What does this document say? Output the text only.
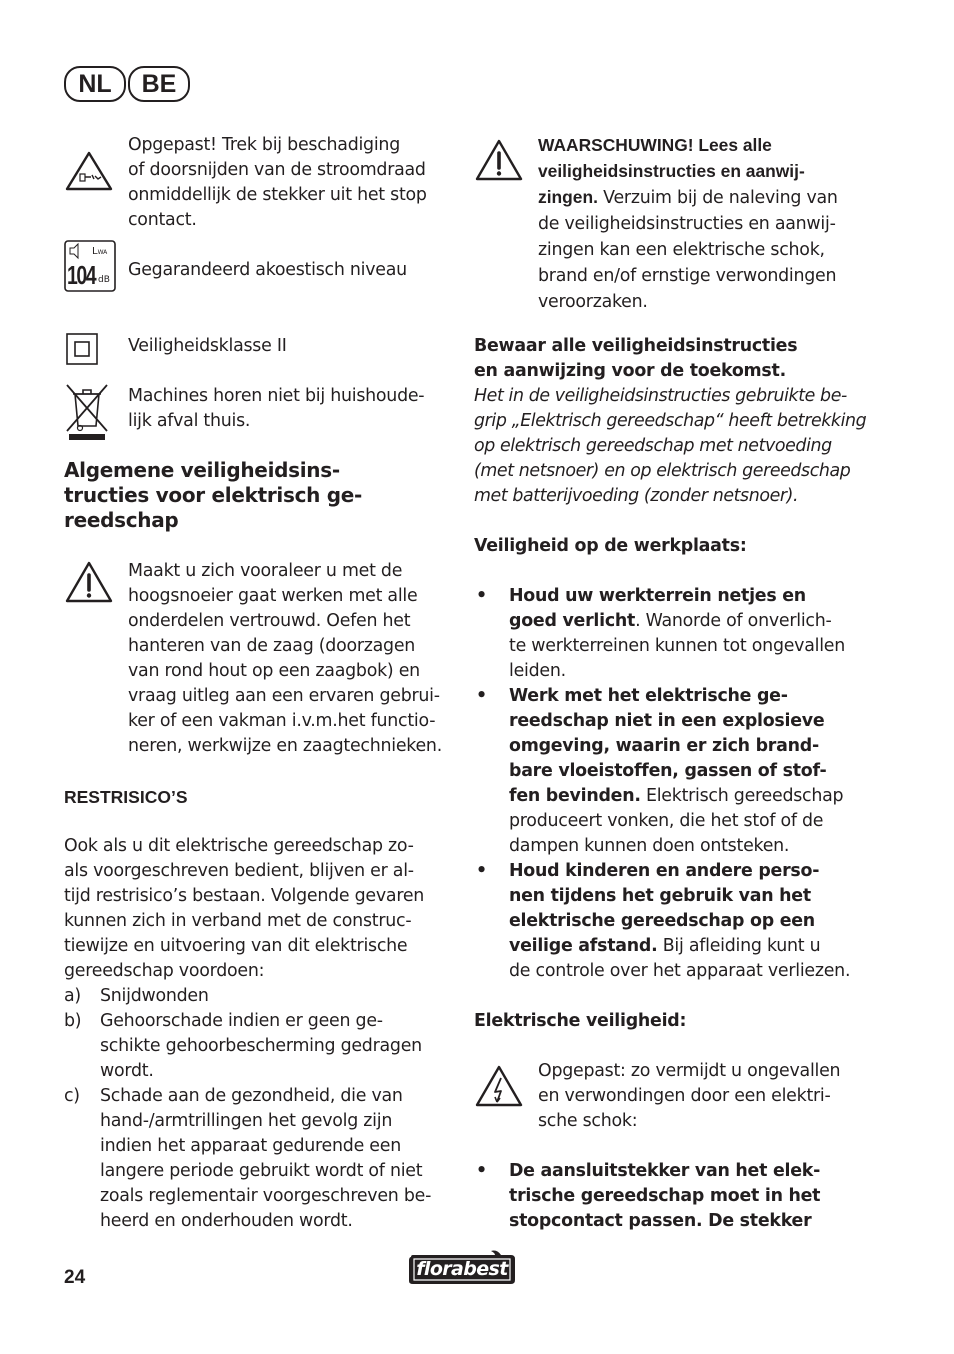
NL	BE

Opgepast! Trek bij beschadiging

of doorsnijden van de stroomdraad

onmiddellijk de stekker uit het stop

contact.

LWA
104 dB Gegarandeerd akoestisch niveau

Veiligheidsklasse II

Machines horen niet bij huishoude-

lijk afval thuis.

Algemene veiligheidsins-

tructies voor elektrisch ge-

reedschap

Maakt u zich vooraleer u met de

hoogsnoeier gaat werken met alle

onderdelen vertrouwd. Oefen het

hanteren van de zaag (doorzagen

van rond hout op een zaagbok) en

vraag uitleg aan een ervaren gebrui-

ker of een vakman i.v.m.het functio-

neren, werkwijze en zaagtechnieken.

RESTRISICO’S

Ook als u dit elektrische gereedschap zo-

als voorgeschreven bedient, blijven er al-

tijd restrisico’s bestaan. Volgende gevaren

kunnen zich in verband met de construc-

tiewijze en uitvoering van dit elektrische

gereedschap voordoen:

a)	Snijdwonden

b)	Gehoorschade indien er geen ge-

schikte gehoorbescherming gedragen

wordt.

c)	Schade aan de gezondheid, die van

hand-/armtrillingen het gevolg zijn

indien het apparaat gedurende een

langere periode gebruikt wordt of niet

zoals reglementair voorgeschreven be-

heerd en onderhouden wordt.

WAARSCHUWING! Lees alle

veiligheidsinstructies en aanwij-

zingen. Verzuim bij de naleving van

de veiligheidsinstructies en aanwij-

zingen kan een elektrische schok,

brand en/of ernstige verwondingen

veroorzaken.

Bewaar alle veiligheidsinstructies

en aanwijzing voor de toekomst.

Het in de veiligheidsinstructies gebruikte be-

grip „Elektrisch gereedschap“ heeft betrekking

op elektrisch gereedschap met netvoeding

(met netsnoer) en op elektrisch gereedschap

met batterijvoeding (zonder netsnoer).

Veiligheid op de werkplaats:
• Houd uw werkterrein netjes en

goed verlicht. Wanorde of onverlich-

te werkterreinen kunnen tot ongevallen

leiden.

• Werk met het elektrische ge-

reedschap niet in een explosieve

omgeving, waarin er zich brand-

bare vloeistoffen, gassen of stof-

fen bevinden. Elektrisch gereedschap

produceert vonken, die het stof of de

dampen kunnen doen ontsteken.

• Houd kinderen en andere perso-

nen tijdens het gebruik van het

elektrische gereedschap op een

veilige afstand. Bij afleiding kunt u

de controle over het apparaat verliezen.

Elektrische veiligheid:

Opgepast: zo vermijdt u ongevallen

en verwondingen door een elektri-

sche schok:

• De aansluitstekker van het elek-

trische gereedschap moet in het

stopcontact passen. De stekker

24	florabest
